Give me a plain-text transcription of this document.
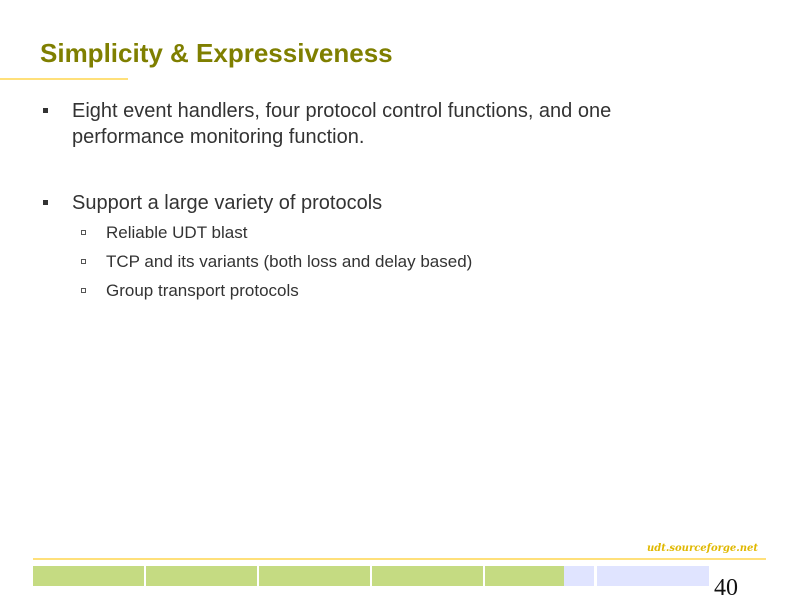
Simplicity & Expressiveness
Eight event handlers, four protocol control functions, and one performance monitoring function.
Support a large variety of protocols
Reliable UDT blast
TCP and its variants (both loss and delay based)
Group transport protocols
udt.sourceforge.net
40
